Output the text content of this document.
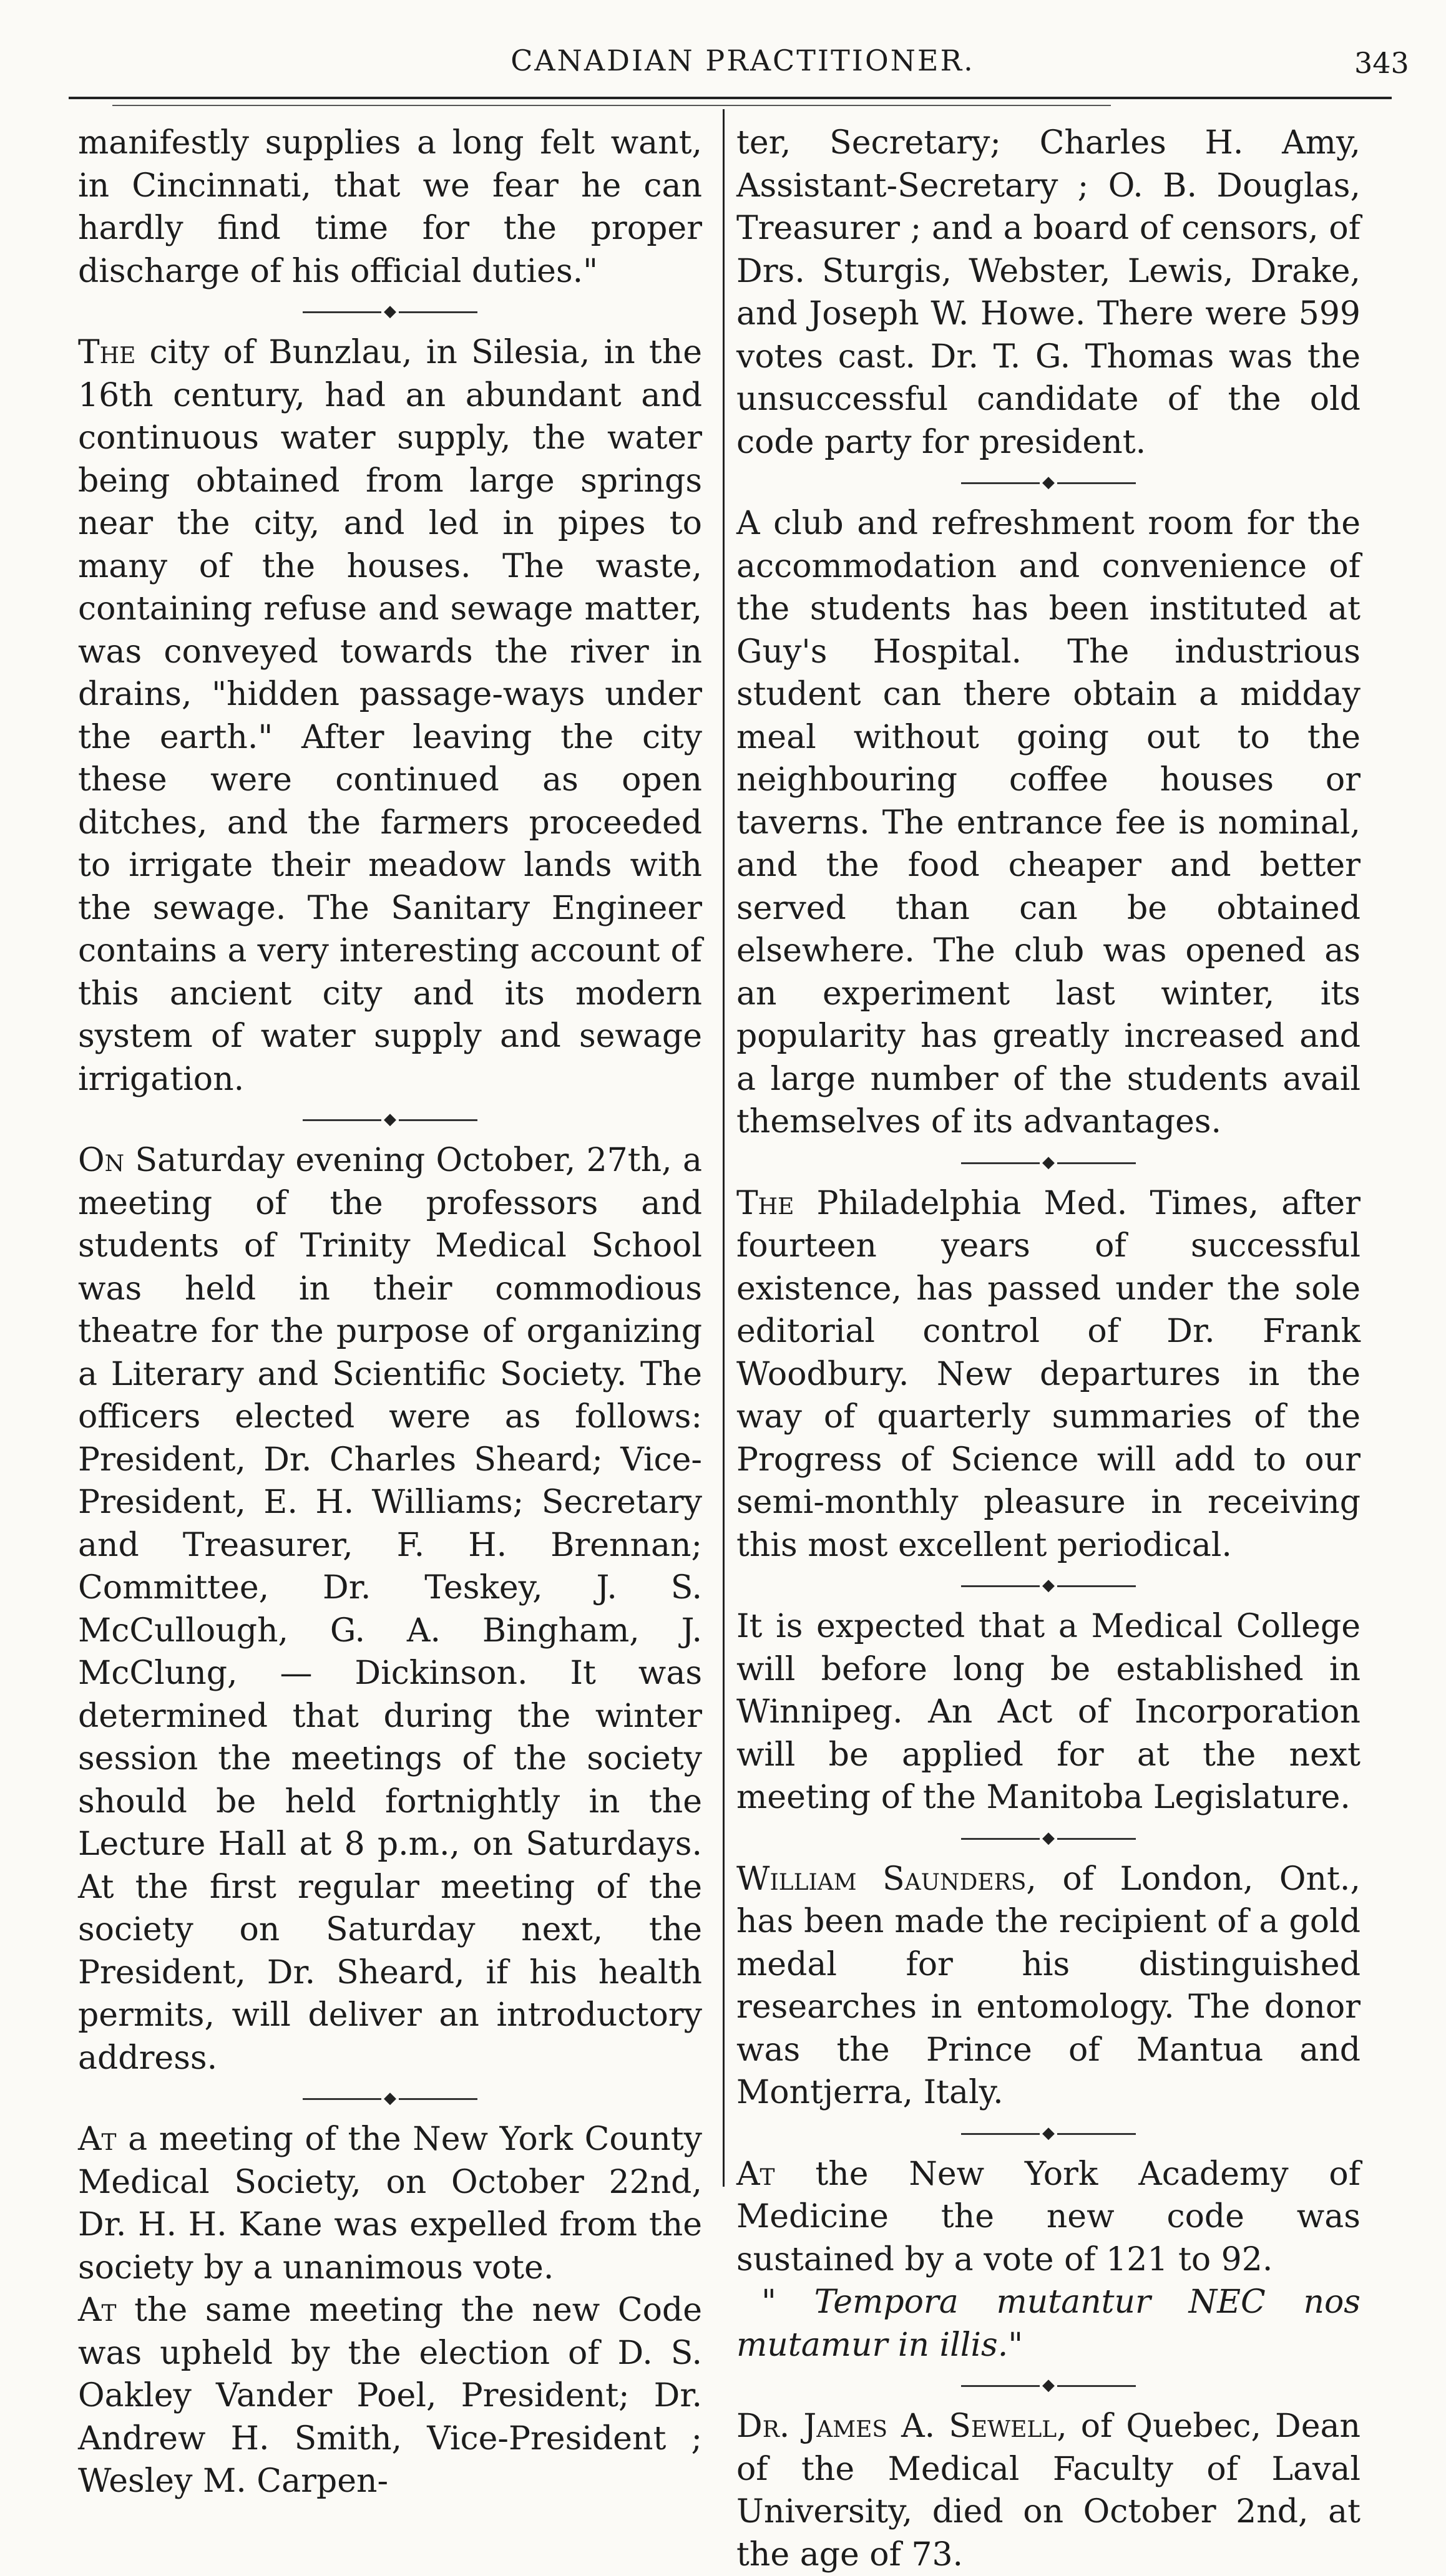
CANADIAN PRACTITIONER.	343

manifestly supplies a long felt want, in Cincinnati, that we fear he can hardly find time for the proper discharge of his official duties."

◆

The city of Bunzlau, in Silesia, in the 16th century, had an abundant and continuous water supply, the water being obtained from large springs near the city, and led in pipes to many of the houses. The waste, containing refuse and sewage matter, was conveyed towards the river in drains, "hidden passage-ways under the earth." After leaving the city these were continued as open ditches, and the farmers proceeded to irrigate their meadow lands with the sewage. The Sanitary Engineer contains a very interesting account of this ancient city and its modern system of water supply and sewage irrigation.

◆

On Saturday evening October, 27th, a meeting of the professors and students of Trinity Medical School was held in their commodious theatre for the purpose of organizing a Literary and Scientific Society. The officers elected were as follows: President, Dr. Charles Sheard; Vice-President, E. H. Williams; Secretary and Treasurer, F. H. Brennan; Committee, Dr. Teskey, J. S. McCullough, G. A. Bingham, J. McClung, — Dickinson. It was determined that during the winter session the meetings of the society should be held fortnightly in the Lecture Hall at 8 p.m., on Saturdays. At the first regular meeting of the society on Saturday next, the President, Dr. Sheard, if his health permits, will deliver an introductory address.

◆

At a meeting of the New York County Medical Society, on October 22nd, Dr. H. H. Kane was expelled from the society by a unanimous vote.

At the same meeting the new Code was upheld by the election of D. S. Oakley Vander Poel, President; Dr. Andrew H. Smith, Vice-President ; Wesley M. Carpen-

ter, Secretary; Charles H. Amy, Assistant-Secretary ; O. B. Douglas, Treasurer ; and a board of censors, of Drs. Sturgis, Webster, Lewis, Drake, and Joseph W. Howe. There were 599 votes cast. Dr. T. G. Thomas was the unsuccessful candidate of the old code party for president.

◆

A club and refreshment room for the accommodation and convenience of the students has been instituted at Guy's Hospital. The industrious student can there obtain a midday meal without going out to the neighbouring coffee houses or taverns. The entrance fee is nominal, and the food cheaper and better served than can be obtained elsewhere. The club was opened as an experiment last winter, its popularity has greatly increased and a large number of the students avail themselves of its advantages.

◆

The Philadelphia Med. Times, after fourteen years of successful existence, has passed under the sole editorial control of Dr. Frank Woodbury. New departures in the way of quarterly summaries of the Progress of Science will add to our semi-monthly pleasure in receiving this most excellent periodical.

◆

It is expected that a Medical College will before long be established in Winnipeg. An Act of Incorporation will be applied for at the next meeting of the Manitoba Legislature.

◆

William Saunders, of London, Ont., has been made the recipient of a gold medal for his distinguished researches in entomology. The donor was the Prince of Mantua and Montjerra, Italy.

◆

At the New York Academy of Medicine the new code was sustained by a vote of 121 to 92.

" Tempora mutantur NEC nos mutamur in illis."

◆

Dr. James A. Sewell, of Quebec, Dean of the Medical Faculty of Laval University, died on October 2nd, at the age of 73.
